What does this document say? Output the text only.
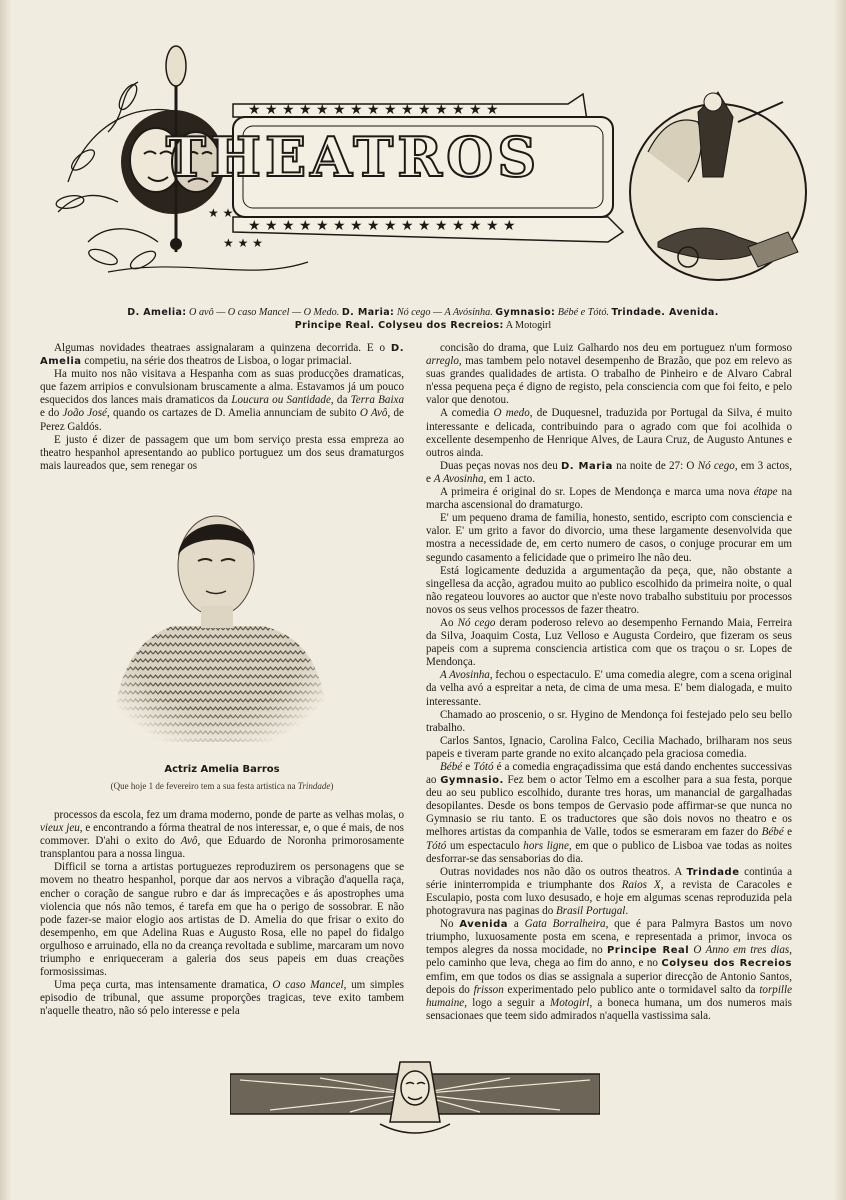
★ ★ ★ ★ ★ ★ ★ ★ ★ ★ ★ ★ ★ ★ ★
★ ★ ★ ★ ★ ★ ★ ★ ★ ★ ★ ★ ★ ★ ★ ★
★ ★
★ ★ ★
THEATROS
D. Amelia: O avô — O caso Mancel — O Medo. D. Maria: Nó cego — A Avósinha. Gymnasio: Bébé e Tótó. Trindade. Avenida.
Principe Real. Colyseu dos Recreios: A Motogirl

Algumas novidades theatraes assignalaram a quinzena decorrida. E o D. Amelia competiu, na série dos theatros de Lisboa, o logar primacial.

Ha muito nos não visitava a Hespanha com as suas producções dramaticas, que fazem arripios e convulsionam bruscamente a alma. Estavamos já um pouco esquecidos dos lances mais dramaticos da Loucura ou Santidade, da Terra Baixa e do João José, quando os cartazes de D. Amelia annunciam de subito O Avô, de Perez Galdós.

E justo é dizer de passagem que um bom serviço presta essa empreza ao theatro hespanhol apresentando ao publico portuguez um dos seus dramaturgos mais laureados que, sem renegar os

Actriz Amelia Barros
(Que hoje 1 de fevereiro tem a sua festa artistica na Trindade)

processos da escola, fez um drama moderno, ponde de parte as velhas molas, o vieux jeu, e encontrando a fórma theatral de nos interessar, e, o que é mais, de nos commover. D'ahi o exito do Avô, que Eduardo de Noronha primorosamente transplantou para a nossa lingua.

Difficil se torna a artistas portuguezes reproduzirem os personagens que se movem no theatro hespanhol, porque dar aos nervos a vibração d'aquella raça, encher o coração de sangue rubro e dar ás imprecações e ás apostrophes uma violencia que nós não temos, é tarefa em que ha o perigo de sossobrar. E não pode fazer-se maior elogio aos artistas de D. Amelia do que frisar o exito do desempenho, em que Adelina Ruas e Augusto Rosa, elle no papel do fidalgo orgulhoso e arruinado, ella no da creança revoltada e sublime, marcaram um novo triumpho e enriqueceram a galeria dos seus papeis em duas creações formosissimas.

Uma peça curta, mas intensamente dramatica, O caso Mancel, um simples episodio de tribunal, que assume proporções tragicas, teve exito tambem n'aquelle theatro, não só pelo interesse e pela

concisão do drama, que Luiz Galhardo nos deu em portuguez n'um formoso arreglo, mas tambem pelo notavel desempenho de Brazão, que poz em relevo as suas grandes qualidades de artista. O trabalho de Pinheiro e de Alvaro Cabral n'essa pequena peça é digno de registo, pela consciencia com que foi feito, e pelo valor que denotou.

A comedia O medo, de Duquesnel, traduzida por Portugal da Silva, é muito interessante e delicada, contribuindo para o agrado com que foi acolhida o excellente desempenho de Henrique Alves, de Laura Cruz, de Augusto Antunes e outros ainda.

Duas peças novas nos deu D. Maria na noite de 27: O Nó cego, em 3 actos, e A Avosinha, em 1 acto.

A primeira é original do sr. Lopes de Mendonça e marca uma nova étape na marcha ascensional do dramaturgo.

E' um pequeno drama de familia, honesto, sentido, escripto com consciencia e valor. E' um grito a favor do divorcio, uma these largamente desenvolvida que mostra a necessidade de, em certo numero de casos, o conjuge procurar em um segundo casamento a felicidade que o primeiro lhe não deu.

Está logicamente deduzida a argumentação da peça, que, não obstante a singellesa da acção, agradou muito ao publico escolhido da primeira noite, o qual não regateou louvores ao auctor que n'este novo trabalho substituiu por processos novos os seus velhos processos de fazer theatro.

Ao Nó cego deram poderoso relevo ao desempenho Fernando Maia, Ferreira da Silva, Joaquim Costa, Luz Velloso e Augusta Cordeiro, que fizeram os seus papeis com a suprema consciencia artistica com que os traçou o sr. Lopes de Mendonça.

A Avosinha, fechou o espectaculo. E' uma comedia alegre, com a scena original da velha avó a espreitar a neta, de cima de uma mesa. E' bem dialogada, e muito interessante.

Chamado ao proscenio, o sr. Hygino de Mendonça foi festejado pelo seu bello trabalho.

Carlos Santos, Ignacio, Carolina Falco, Cecilia Machado, brilharam nos seus papeis e tiveram parte grande no exito alcançado pela graciosa comedia.

Bébé e Tótó é a comedia engraçadissima que está dando enchentes successivas ao Gymnasio. Fez bem o actor Telmo em a escolher para a sua festa, porque deu ao seu publico escolhido, durante tres horas, um manancial de gargalhadas desopilantes. Desde os bons tempos de Gervasio pode affirmar-se que nunca no Gymnasio se riu tanto. E os traductores que são dois novos no theatro e os melhores artistas da companhia de Valle, todos se esmeraram em fazer do Bébé e Tótó um espectaculo hors ligne, em que o publico de Lisboa vae todas as noites desforrar-se das sensaborias do dia.

Outras novidades nos não dão os outros theatros. A Trindade continúa a série ininterrompida e triumphante dos Raios X, a revista de Caracoles e Esculapio, posta com luxo desusado, e hoje em algumas scenas reproduzida pela photogravura nas paginas do Brasil Portugal.

No Avenida a Gata Borralheira, que é para Palmyra Bastos um novo triumpho, luxuosamente posta em scena, e representada a primor, invoca os tempos alegres da nossa mocidade, no Principe Real O Anno em tres dias, pelo caminho que leva, chega ao fim do anno, e no Colyseu dos Recreios emfim, em que todos os dias se assignala a superior direcção de Antonio Santos, depois do frisson experimentado pelo publico ante o tormidavel salto da torpille humaine, logo a seguir a Motogirl, a boneca humana, um dos numeros mais sensacionaes que teem sido admirados n'aquella vastissima sala.
